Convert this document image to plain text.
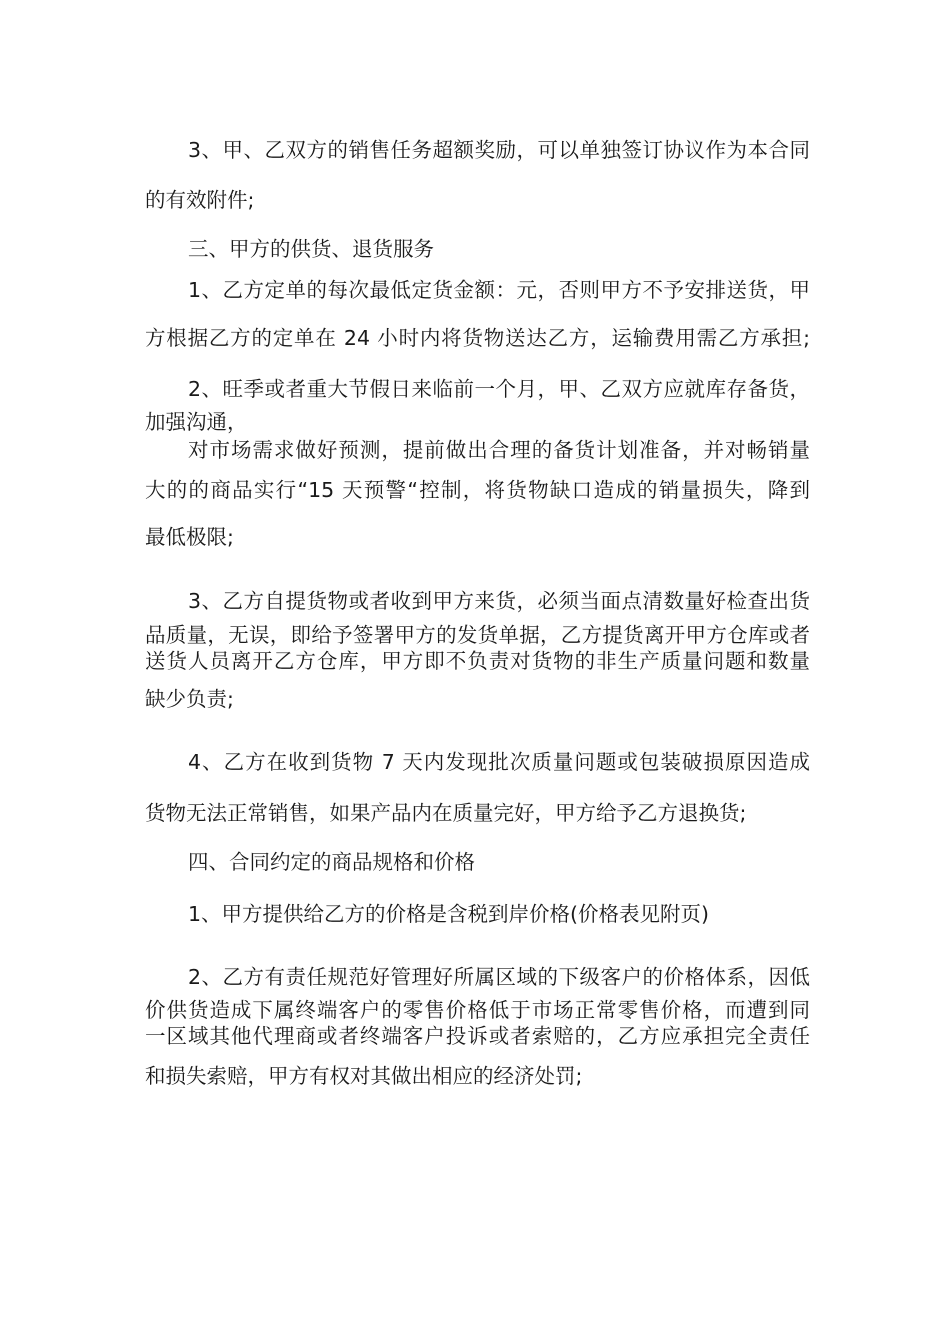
3、甲、乙双方的销售任务超额奖励，可以单独签订协议作为本合同
的有效附件;
三、甲方的供货、退货服务
1、乙方定单的每次最低定货金额：元，否则甲方不予安排送货，甲
方根据乙方的定单在 24 小时内将货物送达乙方，运输费用需乙方承担;
2、旺季或者重大节假日来临前一个月，甲、乙双方应就库存备货，
加强沟通，
对市场需求做好预测，提前做出合理的备货计划准备，并对畅销量
大的的商品实行“15 天预警“控制，将货物缺口造成的销量损失，降到
最低极限;
3、乙方自提货物或者收到甲方来货，必须当面点清数量好检查出货
品质量，无误，即给予签署甲方的发货单据，乙方提货离开甲方仓库或者
送货人员离开乙方仓库，甲方即不负责对货物的非生产质量问题和数量
缺少负责;
4、乙方在收到货物 7 天内发现批次质量问题或包装破损原因造成
货物无法正常销售，如果产品内在质量完好，甲方给予乙方退换货;
四、合同约定的商品规格和价格
1、甲方提供给乙方的价格是含税到岸价格(价格表见附页)
2、乙方有责任规范好管理好所属区域的下级客户的价格体系，因低
价供货造成下属终端客户的零售价格低于市场正常零售价格，而遭到同
一区域其他代理商或者终端客户投诉或者索赔的，乙方应承担完全责任
和损失索赔，甲方有权对其做出相应的经济处罚;
